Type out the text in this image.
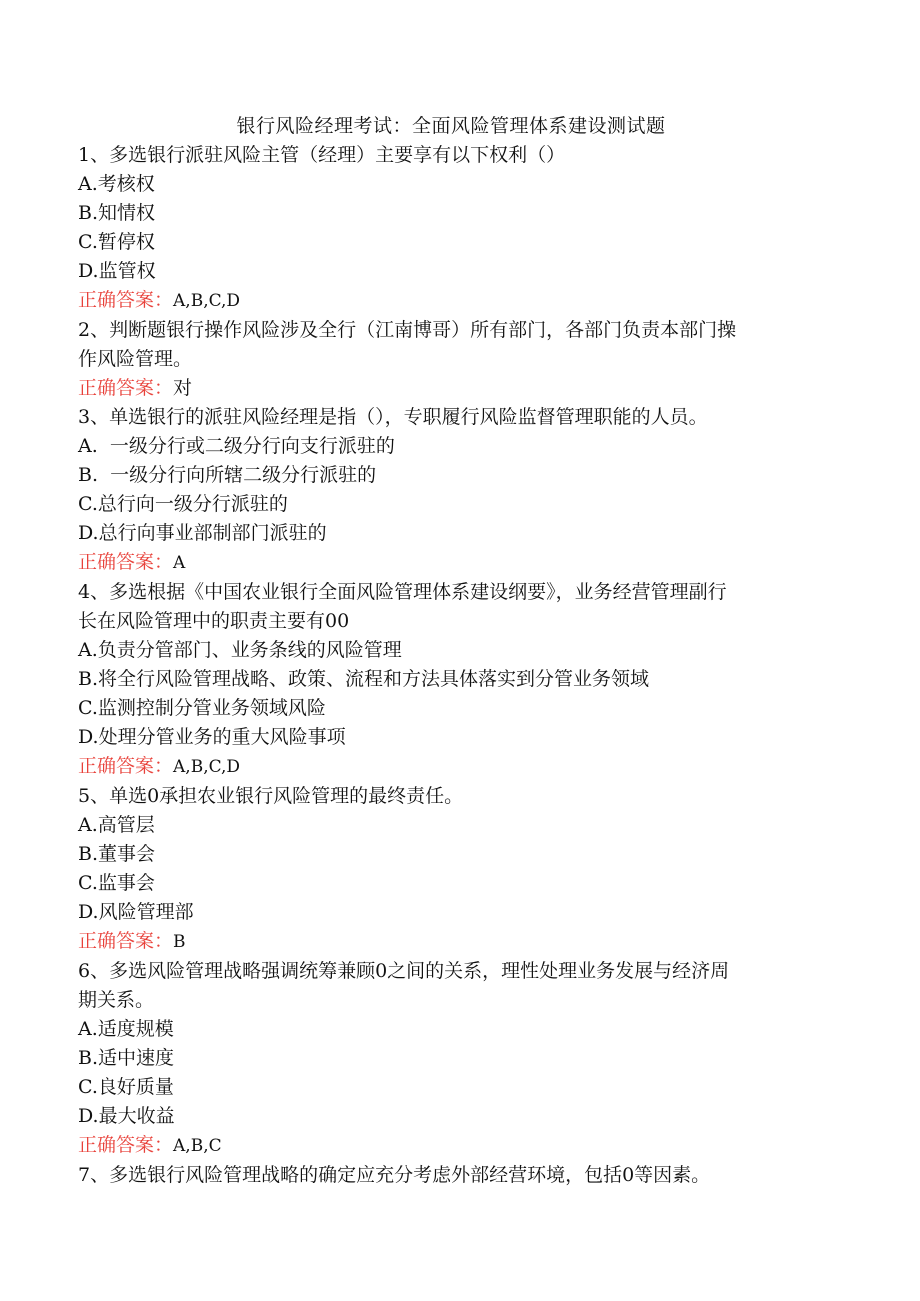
银行风险经理考试：全面风险管理体系建设测试题
1、多选银行派驻风险主管（经理）主要享有以下权利（）
A.考核权
B.知情权
C.暂停权
D.监管权
正确答案：A,B,C,D
2、判断题银行操作风险涉及全行（江南博哥）所有部门，各部门负责本部门操
作风险管理。
正确答案：对
3、单选银行的派驻风险经理是指（），专职履行风险监督管理职能的人员。
A.  一级分行或二级分行向支行派驻的
B.  一级分行向所辖二级分行派驻的
C.总行向一级分行派驻的
D.总行向事业部制部门派驻的
正确答案：A
4、多选根据《中国农业银行全面风险管理体系建设纲要》，业务经营管理副行
长在风险管理中的职责主要有00
A.负责分管部门、业务条线的风险管理
B.将全行风险管理战略、政策、流程和方法具体落实到分管业务领域
C.监测控制分管业务领域风险
D.处理分管业务的重大风险事项
正确答案：A,B,C,D
5、单选0承担农业银行风险管理的最终责任。
A.高管层
B.董事会
C.监事会
D.风险管理部
正确答案：B
6、多选风险管理战略强调统筹兼顾0之间的关系，理性处理业务发展与经济周
期关系。
A.适度规模
B.适中速度
C.良好质量
D.最大收益
正确答案：A,B,C
7、多选银行风险管理战略的确定应充分考虑外部经营环境，包括0等因素。
